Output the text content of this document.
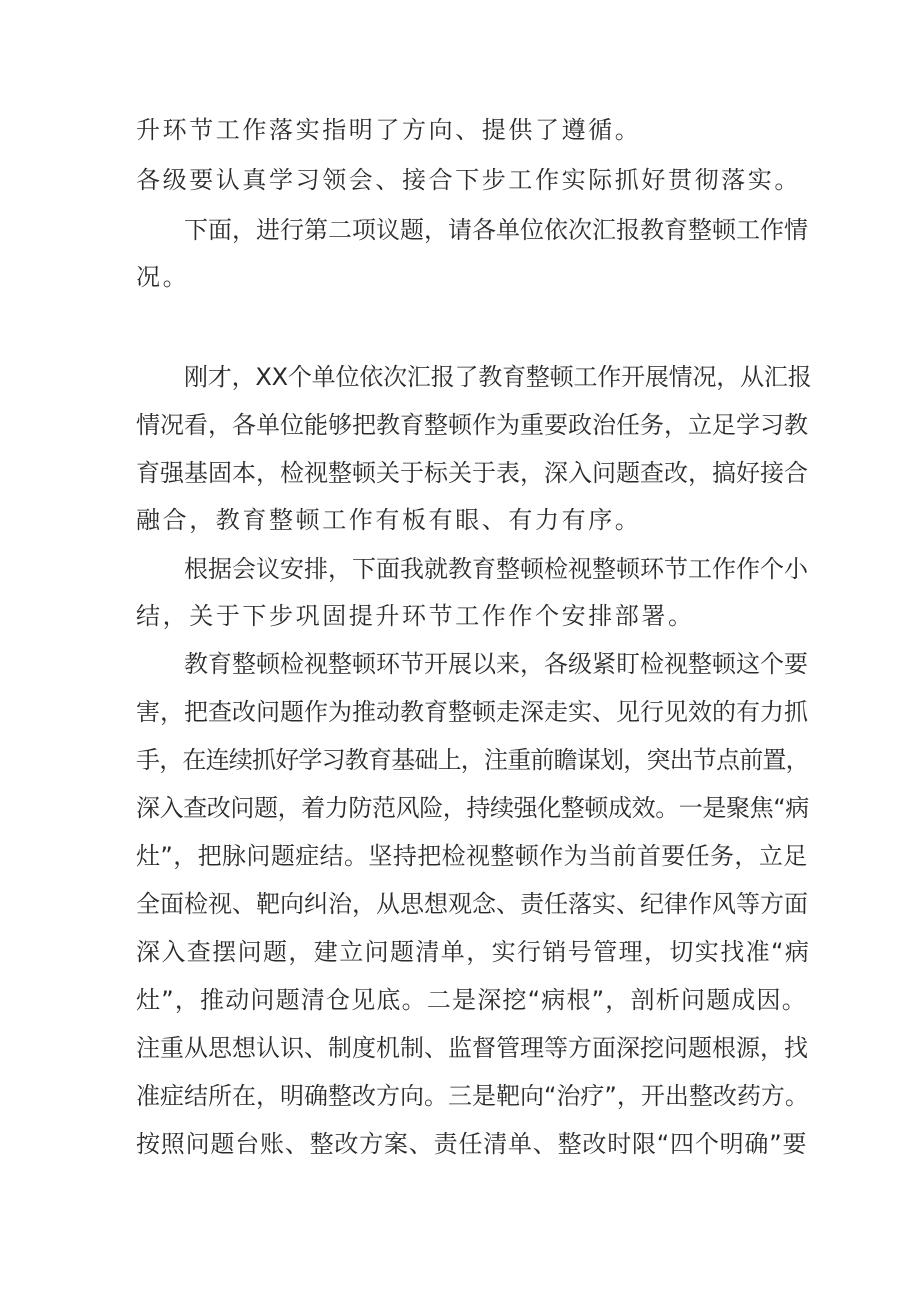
升环节工作落实指明了方向、提供了遵循。
各级要认真学习领会、接合下步工作实际抓好贯彻落实。
下面，进行第二项议题，请各单位依次汇报教育整顿工作情
况。
刚才，XX个单位依次汇报了教育整顿工作开展情况，从汇报
情况看，各单位能够把教育整顿作为重要政治任务，立足学习教
育强基固本，检视整顿关于标关于表，深入问题查改，搞好接合
融合，教育整顿工作有板有眼、有力有序。
根据会议安排，下面我就教育整顿检视整顿环节工作作个小
结，关于下步巩固提升环节工作作个安排部署。
教育整顿检视整顿环节开展以来，各级紧盯检视整顿这个要
害，把查改问题作为推动教育整顿走深走实、见行见效的有力抓
手，在连续抓好学习教育基础上，注重前瞻谋划，突出节点前置，
深入查改问题，着力防范风险，持续强化整顿成效。一是聚焦“病
灶”，把脉问题症结。坚持把检视整顿作为当前首要任务，立足
全面检视、靶向纠治，从思想观念、责任落实、纪律作风等方面
深入查摆问题，建立问题清单，实行销号管理，切实找准“病
灶”，推动问题清仓见底。二是深挖“病根”，剖析问题成因。
注重从思想认识、制度机制、监督管理等方面深挖问题根源，找
准症结所在，明确整改方向。三是靶向“治疗”，开出整改药方。
按照问题台账、整改方案、责任清单、整改时限“四个明确”要
